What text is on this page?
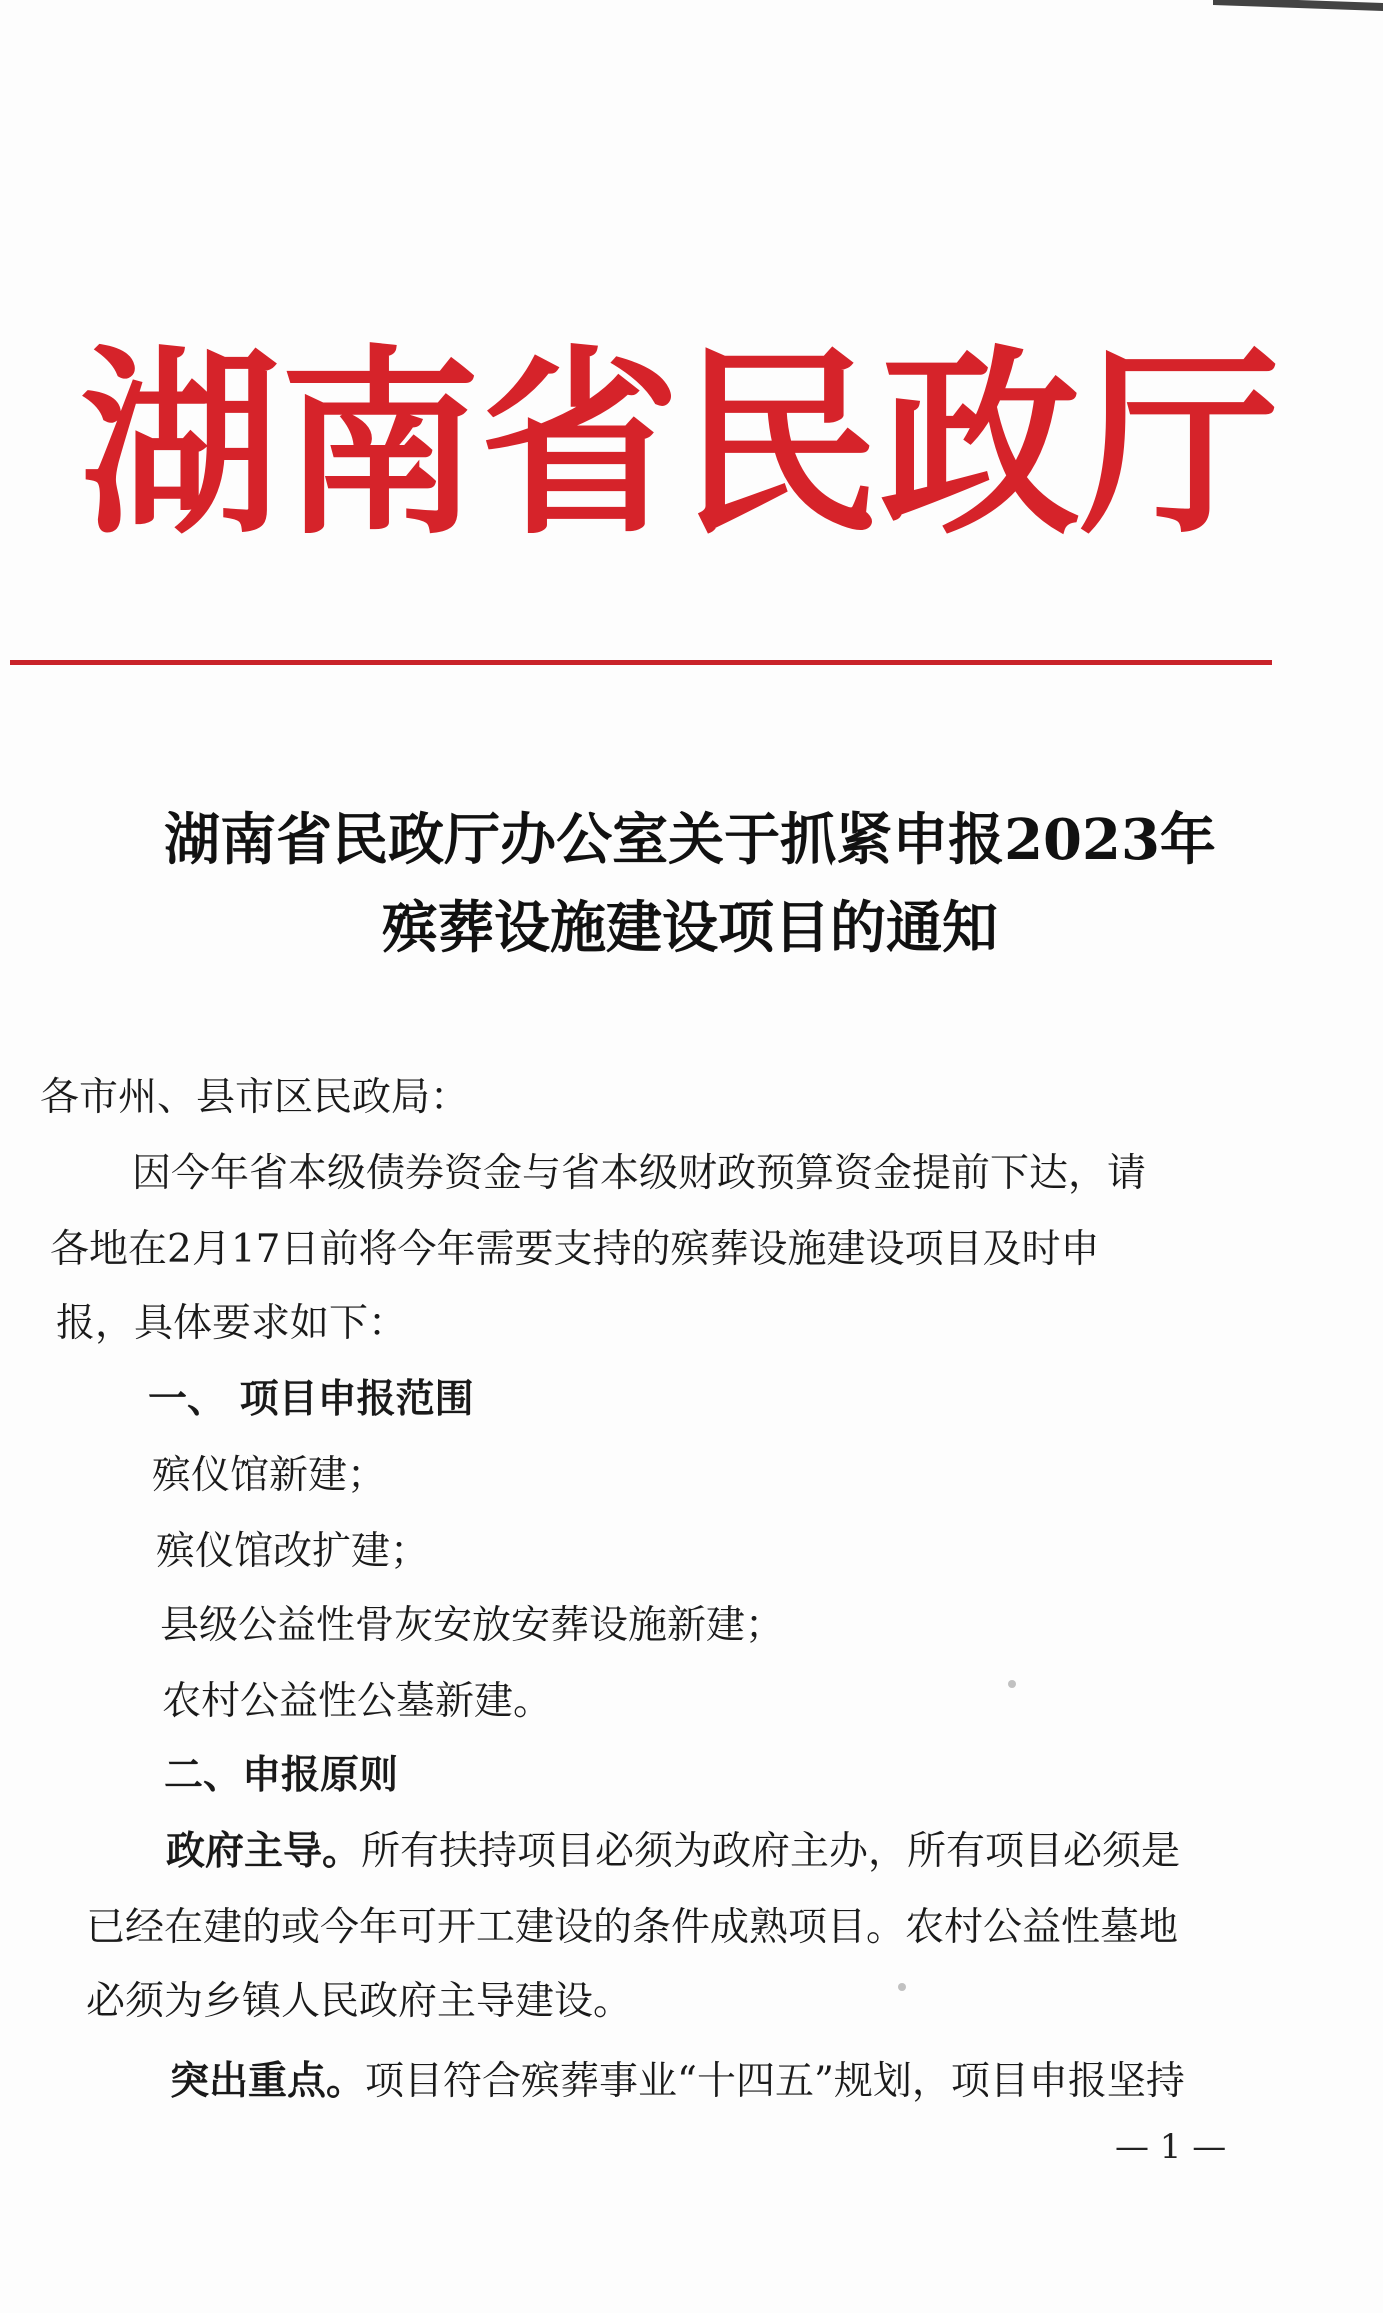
湖 南 省 民 政 厅
湖南省民政厅办公室关于抓紧申报2023年
殡葬设施建设项目的通知
各市州、县市区民政局：
因今年省本级债券资金与省本级财政预算资金提前下达，请
各地在2月17日前将今年需要支持的殡葬设施建设项目及时申
报，具体要求如下：
一、 项目申报范围
殡仪馆新建；
殡仪馆改扩建；
县级公益性骨灰安放安葬设施新建；
农村公益性公墓新建。
二、申报原则
政府主导。所有扶持项目必须为政府主办，所有项目必须是
已经在建的或今年可开工建设的条件成熟项目。农村公益性墓地
必须为乡镇人民政府主导建设。
突出重点。项目符合殡葬事业“十四五”规划，项目申报坚持
— 1 —
